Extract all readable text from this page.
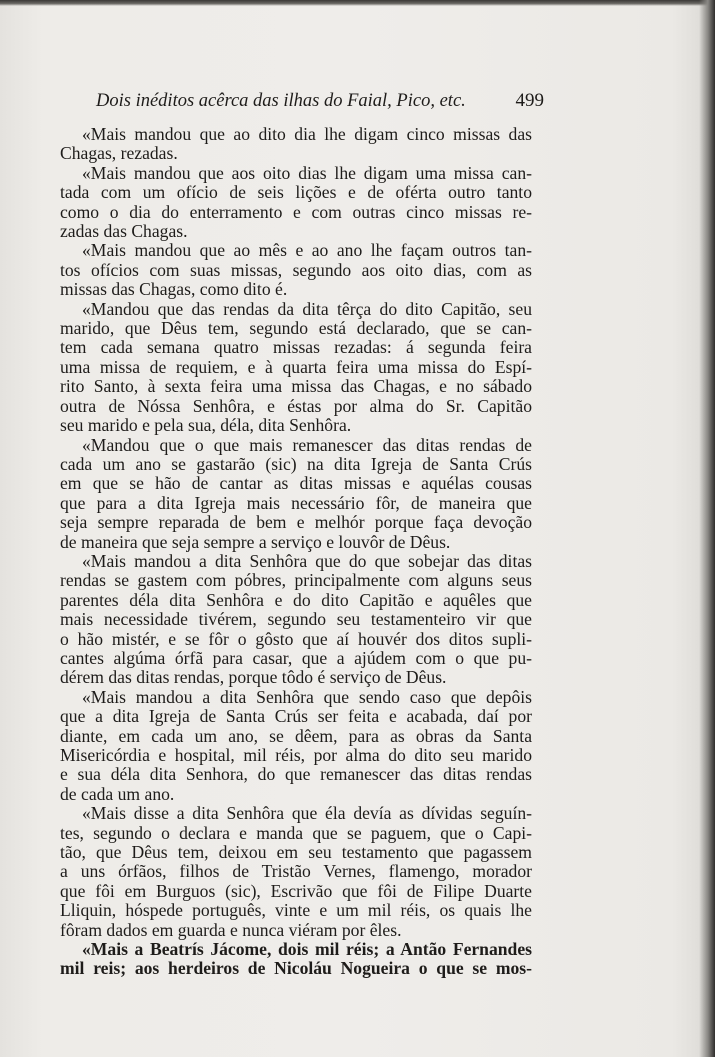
Dois inéditos acêrca das ilhas do Faial, Pico, etc.	499
«Mais mandou que ao dito dia lhe digam cinco missas das
Chagas, rezadas.
«Mais mandou que aos oito dias lhe digam uma missa can-
tada com um ofício de seis lições e de oférta outro tanto
como o dia do enterramento e com outras cinco missas re-
zadas das Chagas.
«Mais mandou que ao mês e ao ano lhe façam outros tan-
tos ofícios com suas missas, segundo aos oito dias, com as
missas das Chagas, como dito é.
«Mandou que das rendas da dita têrça do dito Capitão, seu
marido, que Dêus tem, segundo está declarado, que se can-
tem cada semana quatro missas rezadas: á segunda feira
uma missa de requiem, e à quarta feira uma missa do Espí-
rito Santo, à sexta feira uma missa das Chagas, e no sábado
outra de Nóssa Senhôra, e éstas por alma do Sr. Capitão
seu marido e pela sua, déla, dita Senhôra.
«Mandou que o que mais remanescer das ditas rendas de
cada um ano se gastarão (sic) na dita Igreja de Santa Crús
em que se hão de cantar as ditas missas e aquélas cousas
que para a dita Igreja mais necessário fôr, de maneira que
seja sempre reparada de bem e melhór porque faça devoção
de maneira que seja sempre a serviço e louvôr de Dêus.
«Mais mandou a dita Senhôra que do que sobejar das ditas
rendas se gastem com póbres, principalmente com alguns seus
parentes déla dita Senhôra e do dito Capitão e aquêles que
mais necessidade tivérem, segundo seu testamenteiro vir que
o hão mistér, e se fôr o gôsto que aí houvér dos ditos supli-
cantes algúma órfã para casar, que a ajúdem com o que pu-
dérem das ditas rendas, porque tôdo é serviço de Dêus.
«Mais mandou a dita Senhôra que sendo caso que depôis
que a dita Igreja de Santa Crús ser feita e acabada, daí por
diante, em cada um ano, se dêem, para as obras da Santa
Misericórdia e hospital, mil réis, por alma do dito seu marido
e sua déla dita Senhora, do que remanescer das ditas rendas
de cada um ano.
«Mais disse a dita Senhôra que éla devía as dívidas seguín-
tes, segundo o declara e manda que se paguem, que o Capi-
tão, que Dêus tem, deixou em seu testamento que pagassem
a uns órfãos, filhos de Tristão Vernes, flamengo, morador
que fôi em Burguos (sic), Escrivão que fôi de Filipe Duarte
Lliquin, hóspede português, vinte e um mil réis, os quais lhe
fôram dados em guarda e nunca viéram por êles.
«Mais a Beatrís Jácome, dois mil réis; a Antão Fernandes
mil reis; aos herdeiros de Nicoláu Nogueira o que se mos-
